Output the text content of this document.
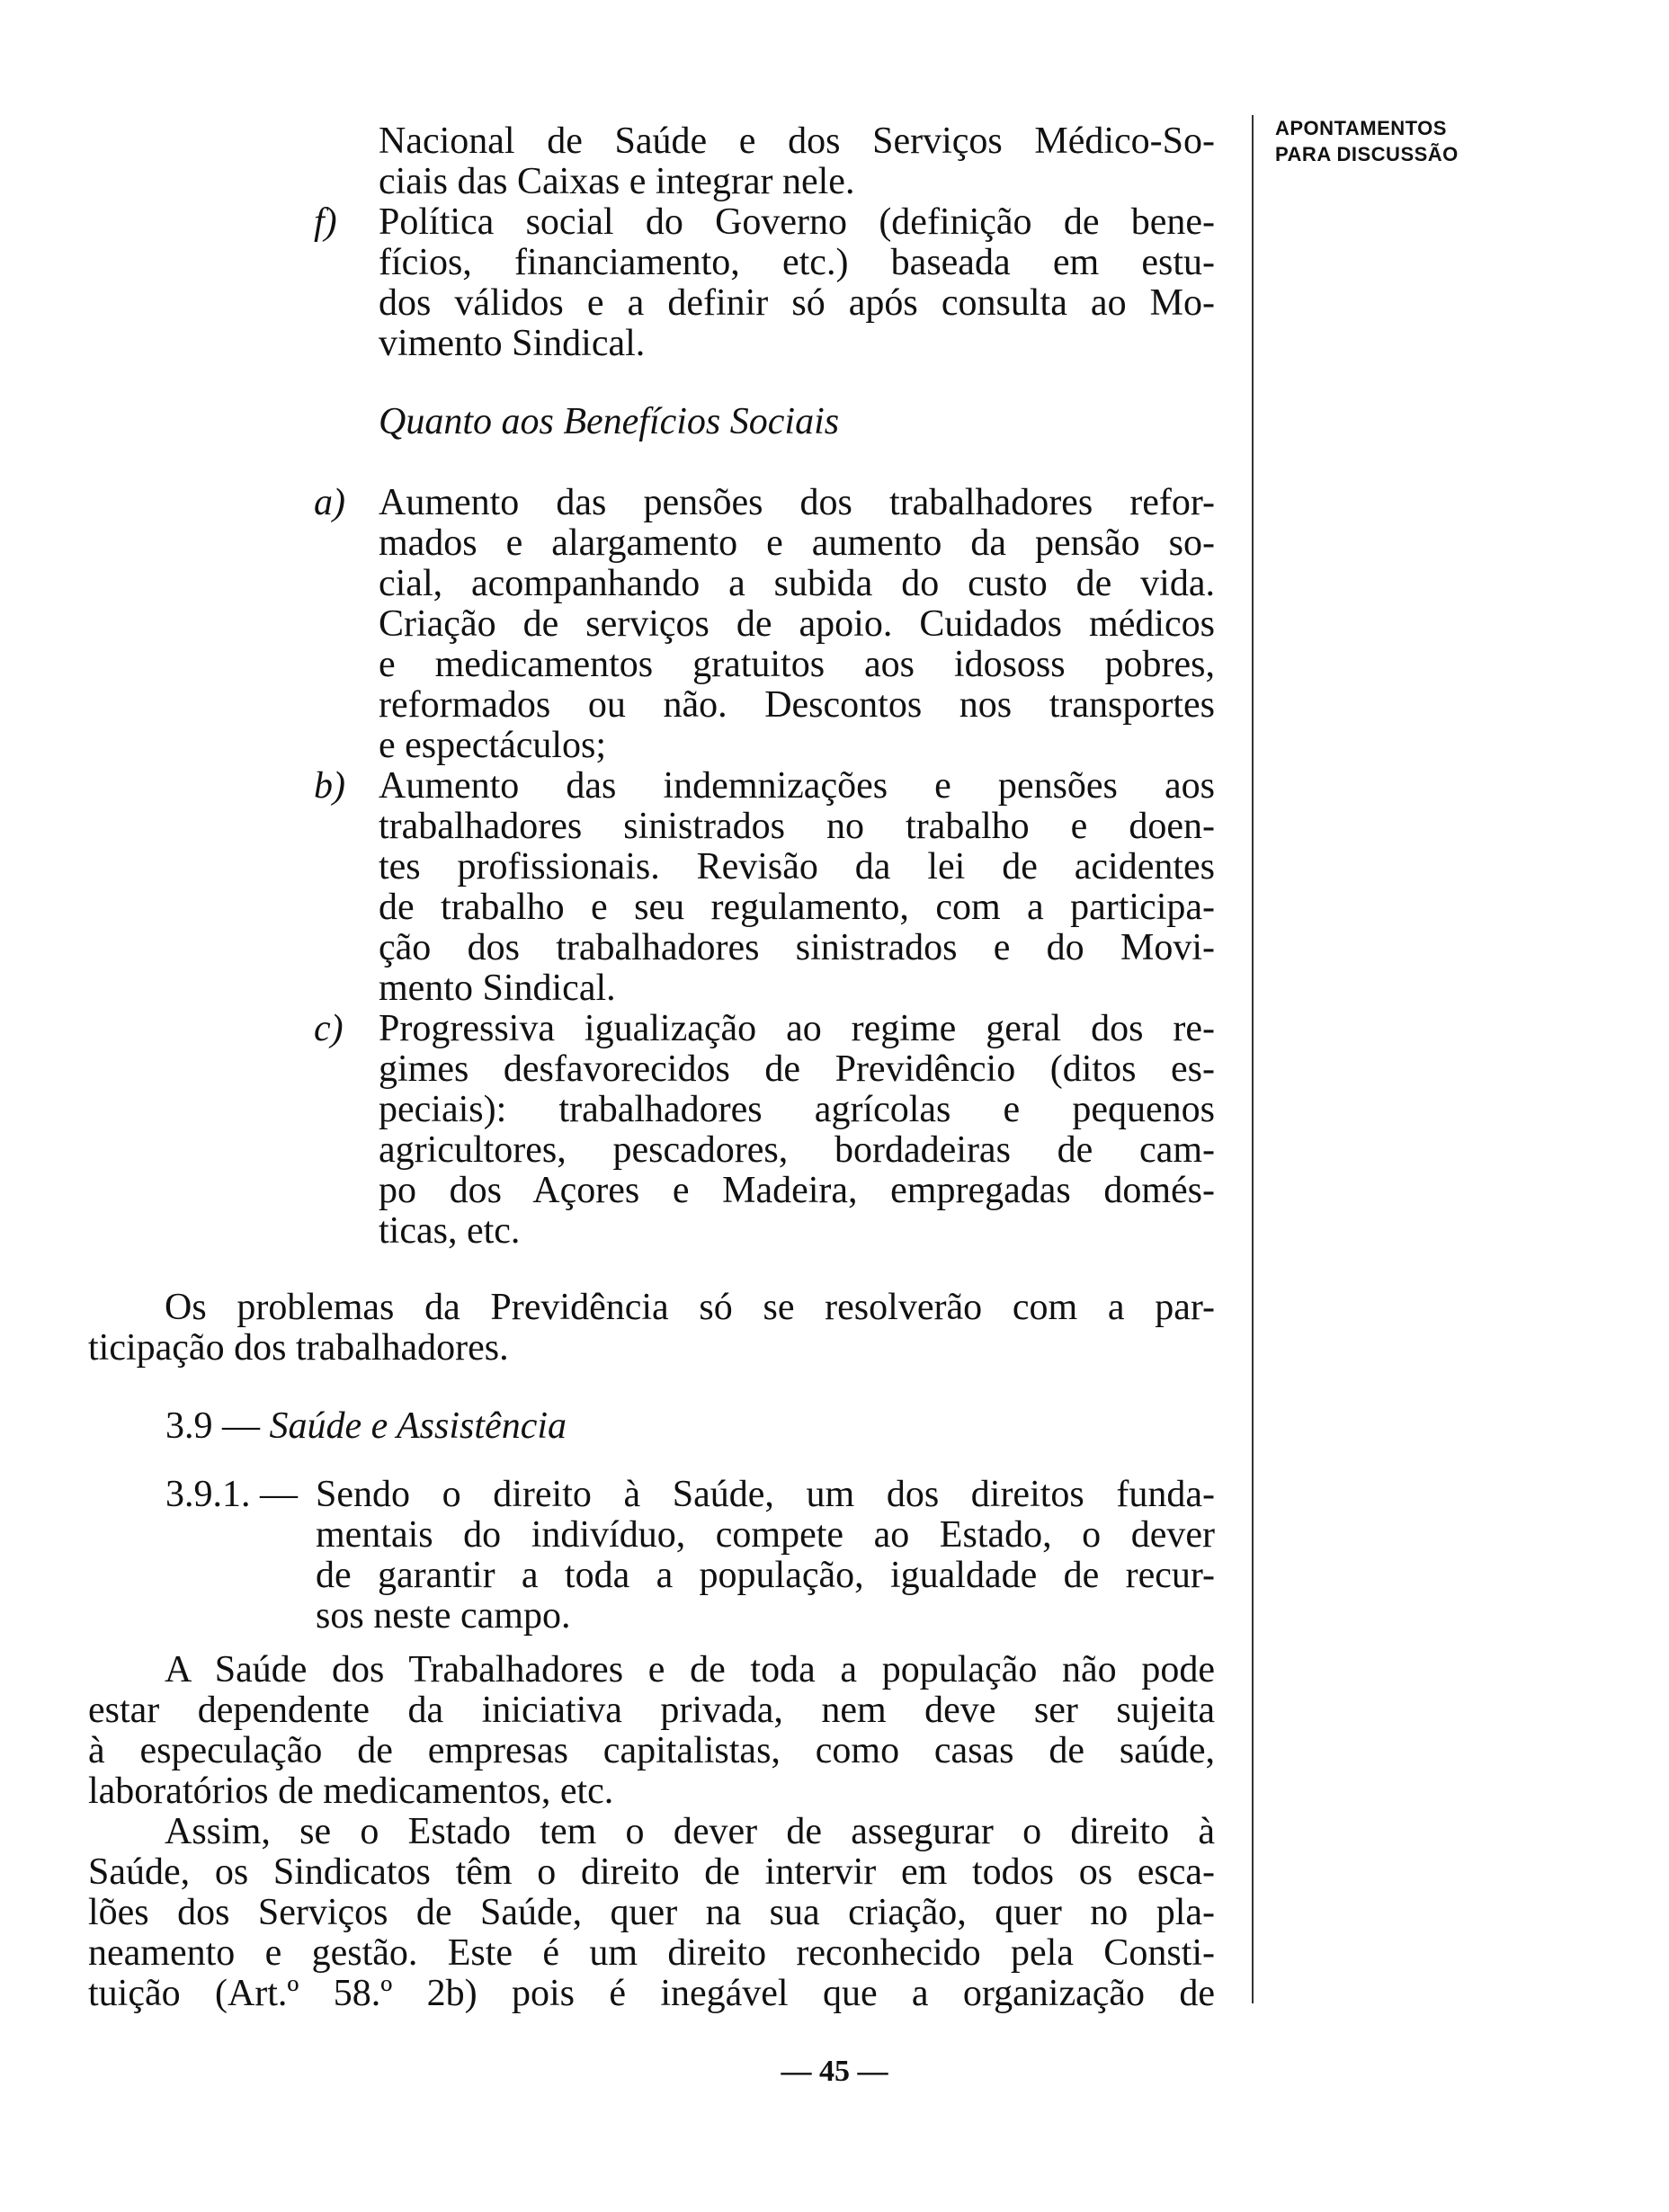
APONTAMENTOS
PARA DISCUSSÃO
Nacional de Saúde e dos Serviços Médico-So-
ciais das Caixas e integrar nele.
f) Política social do Governo (definição de bene-
fícios, financiamento, etc.) baseada em estu-
dos válidos e a definir só após consulta ao Mo-
vimento Sindical.
Quanto aos Benefícios Sociais
a) Aumento das pensões dos trabalhadores refor-
mados e alargamento e aumento da pensão so-
cial, acompanhando a subida do custo de vida.
Criação de serviços de apoio. Cuidados médicos
e medicamentos gratuitos aos idososs pobres,
reformados ou não. Descontos nos transportes
e espectáculos;
b) Aumento das indemnizações e pensões aos
trabalhadores sinistrados no trabalho e doen-
tes profissionais. Revisão da lei de acidentes
de trabalho e seu regulamento, com a participa-
ção dos trabalhadores sinistrados e do Movi-
mento Sindical.
c) Progressiva igualização ao regime geral dos re-
gimes desfavorecidos de Previdêncio (ditos es-
peciais): trabalhadores agrícolas e pequenos
agricultores, pescadores, bordadeiras de cam-
po dos Açores e Madeira, empregadas domés-
ticas, etc.
Os problemas da Previdência só se resolverão com a par-
ticipação dos trabalhadores.
3.9 — Saúde e Assistência
3.9.1. — Sendo o direito à Saúde, um dos direitos funda-
mentais do indivíduo, compete ao Estado, o dever
de garantir a toda a população, igualdade de recur-
sos neste campo.
A Saúde dos Trabalhadores e de toda a população não pode
estar dependente da iniciativa privada, nem deve ser sujeita
à especulação de empresas capitalistas, como casas de saúde,
laboratórios de medicamentos, etc.
Assim, se o Estado tem o dever de assegurar o direito à
Saúde, os Sindicatos têm o direito de intervir em todos os esca-
lões dos Serviços de Saúde, quer na sua criação, quer no pla-
neamento e gestão. Este é um direito reconhecido pela Consti-
tuição (Art.º 58.º 2b) pois é inegável que a organização de
— 45 —
